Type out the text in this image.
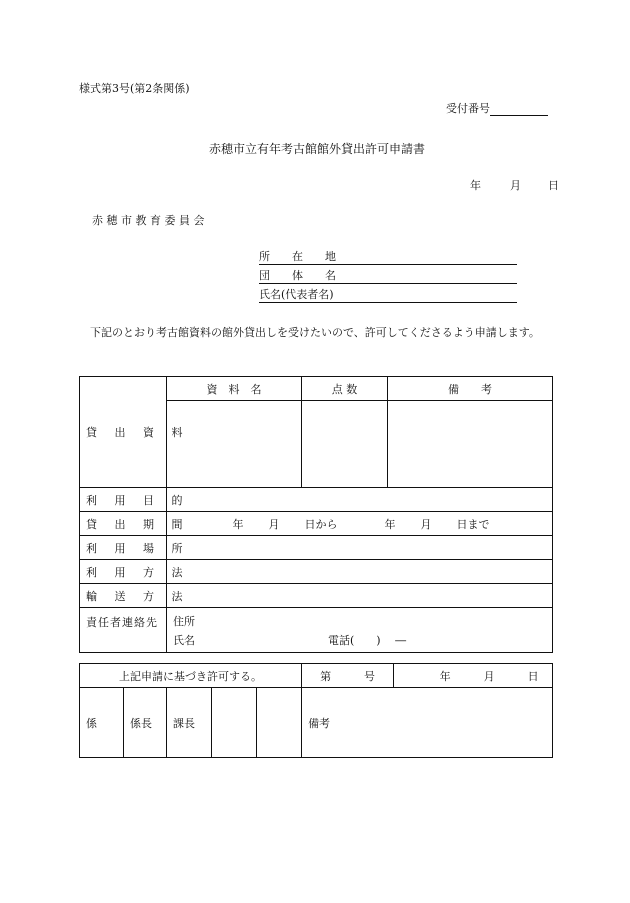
様式第3号(第2条関係)
受付番号
赤穂市立有年考古館館外貸出許可申請書
年	月 日
赤 穂 市 教 育 委 員 会
所　　在　　地
団　　体　　名
氏名(代表者名)
下記のとおり考古館資料の館外貸出しを受けたいので、許可してくださるよう申請します。
貸 出 資 料	資　料　名	点 数	備　　考

利 用 目 的			
貸 出 期 間	年 月 日から 年 月 日まで		
利 用 場 所			
利 用 方 法			
輸 送 方 法			
責任者連絡先	住所
氏名 電話(　　)　 ―		
上記申請に基づき許可する。					第　　　号	年 月 日
係	係長	課長			備考	
